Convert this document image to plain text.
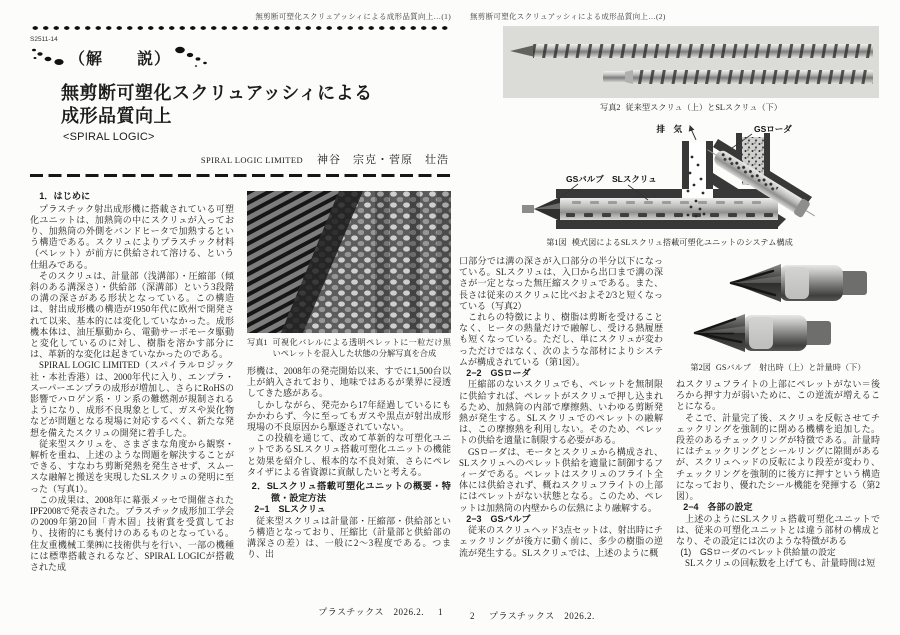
無剪断可塑化スクリュアッシィによる成形品質向上…(1)
S2511-14
（解　　説）
無剪断可塑化スクリュアッシィによる
成形品質向上
<SPIRAL LOGIC>
SPIRAL LOGIC LIMITED 神谷　宗克・菅原　壮浩
1．はじめに

プラスチック射出成形機に搭載されている可塑化ユニットは、加熱筒の中にスクリュが入っており、加熱筒の外側をバンドヒータで加熱するという構造である。スクリュによりプラスチック材料（ペレット）が前方に供給されて溶ける、という仕組みである。

そのスクリュは、計量部（浅溝部）・圧縮部（傾斜のある溝深さ）・供給部（深溝部）という3段階の溝の深さがある形状となっている。この構造は、射出成形機の構造が1950年代に欧州で開発されて以来、基本的には変化していなかった。成形機本体は、油圧駆動から、電動サーボモータ駆動と変化しているのに対し、樹脂を溶かす部分には、革新的な変化は起きていなかったのである。

SPIRAL LOGIC LIMITED（スパイラルロジック社・本社香港）は、2000年代に入り、エンプラ・スーパーエンプラの成形が増加し、さらにRoHSの影響でハロゲン系・リン系の難燃剤が規制されるようになり、成形不良現象として、ガスや炭化物などが問題となる現場に対応するべく、新たな発想を備えたスクリュの開発に着手した。

従来型スクリュを、さまざまな角度から観察・解析を重ね、上述のような問題を解決することができる、すなわち剪断発熱を発生させず、スムースな融解と搬送を実現したSLスクリュの発明に至った（写真1）。

この成果は、2008年に幕張メッセで開催されたIPF2008で発表された。プラスチック成形加工学会の2009年第20回「青木固」技術賞を受賞しており、技術的にも裏付けのあるものとなっている。住友重機械工業㈱に技術供与を行い、一部の機種には標準搭載されるなど、SPIRAL LOGICが搭載された成

写真1 可視化バレルによる透明ペレットに一粒だけ黒いペレットを混入した状態の分解写真を合成

形機は、2008年の発売開始以来、すでに1,500台以上が納入されており、地味ではあるが業界に浸透してきた感がある。

しかしながら、発売から17年経過しているにもかかわらず、今に至ってもガスや黒点が射出成形現場の不良原因から駆逐されていない。

この投稿を通じて、改めて革新的な可塑化ユニットであるSLスクリュ搭載可塑化ユニットの機能と効果を紹介し、根本的な不良対策、さらにペレタイザによる省資源に貢献したいと考える。

2．SLスクリュ搭載可塑化ユニットの概要・特徴・設定方法
2−1　SLスクリュ

従来型スクリュは計量部・圧縮部・供給部という構造となっており、圧縮比（計量部と供給部の溝深さの差）は、一般に2～3程度である。つまり、出

プラスチックス　2026.2. 1
無剪断可塑化スクリュアッシィによる成形品質向上…(2)
写真2 従来型スクリュ（上）とSLスクリュ（下）
排　気	GSローダ
GSバルブ SLスクリュ
第1図 模式図によるSLスクリュ搭載可塑化ユニットのシステム構成

口部分では溝の深さが入口部分の半分以下になっている。SLスクリュは、入口から出口まで溝の深さが一定となった無圧縮スクリュである。また、長さは従来のスクリュに比べおよそ2/3と短くなっている（写真2）

これらの特徴により、樹脂は剪断を受けることなく、ヒータの熱量だけで融解し、受ける熱履歴も短くなっている。ただし、単にスクリュが変わっただけではなく、次のような部材によりシステムが構成されている（第1図）。

2−2　GSローダ

圧縮部のないスクリュでも、ペレットを無制限に供給すれば、ペレットがスクリュで押し込まれるため、加熱筒の内部で摩擦熱、いわゆる剪断発熱が発生する。SLスクリュでのペレットの融解は、この摩擦熱を利用しない。そのため、ペレットの供給を適量に制限する必要がある。

GSローダは、モータとスクリュから構成され、SLスクリュへのペレット供給を適量に制御するフィーダである。ペレットはスクリュのフライト全体には供給されず、概ねスクリュフライトの上部にはペレットがない状態となる。このため、ペレットは加熱筒の内壁からの伝熱により融解する。

2−3　GSバルブ

従来のスクリュヘッド3点セットは、射出時にチェックリングが後方に動く前に、多少の樹脂の逆流が発生する。SLスクリュでは、上述のように概

第2図 GSバルブ　射出時（上）と計量時（下）

ねスクリュフライトの上部にペレットがない＝後ろから押す力が弱いために、この逆流が増えることになる。

そこで、計量完了後、スクリュを反転させてチェックリングを強制的に閉める機構を追加した。段差のあるチェックリングが特徴である。計量時にはチェックリングとシールリングに隙間があるが、スクリュヘッドの反転により段差が変わり、チェックリングを強制的に後方に押すという構造になっており、優れたシール機能を発揮する（第2図）。

2−4　各部の設定

上述のようにSLスクリュ搭載可塑化ユニットでは、従来の可塑化ユニットとは違う部材の構成となり、その設定には次のような特徴がある

(1)　GSローダのペレット供給量の設定

SLスクリュの回転数を上げても、計量時間は短

2 プラスチックス　2026.2.
